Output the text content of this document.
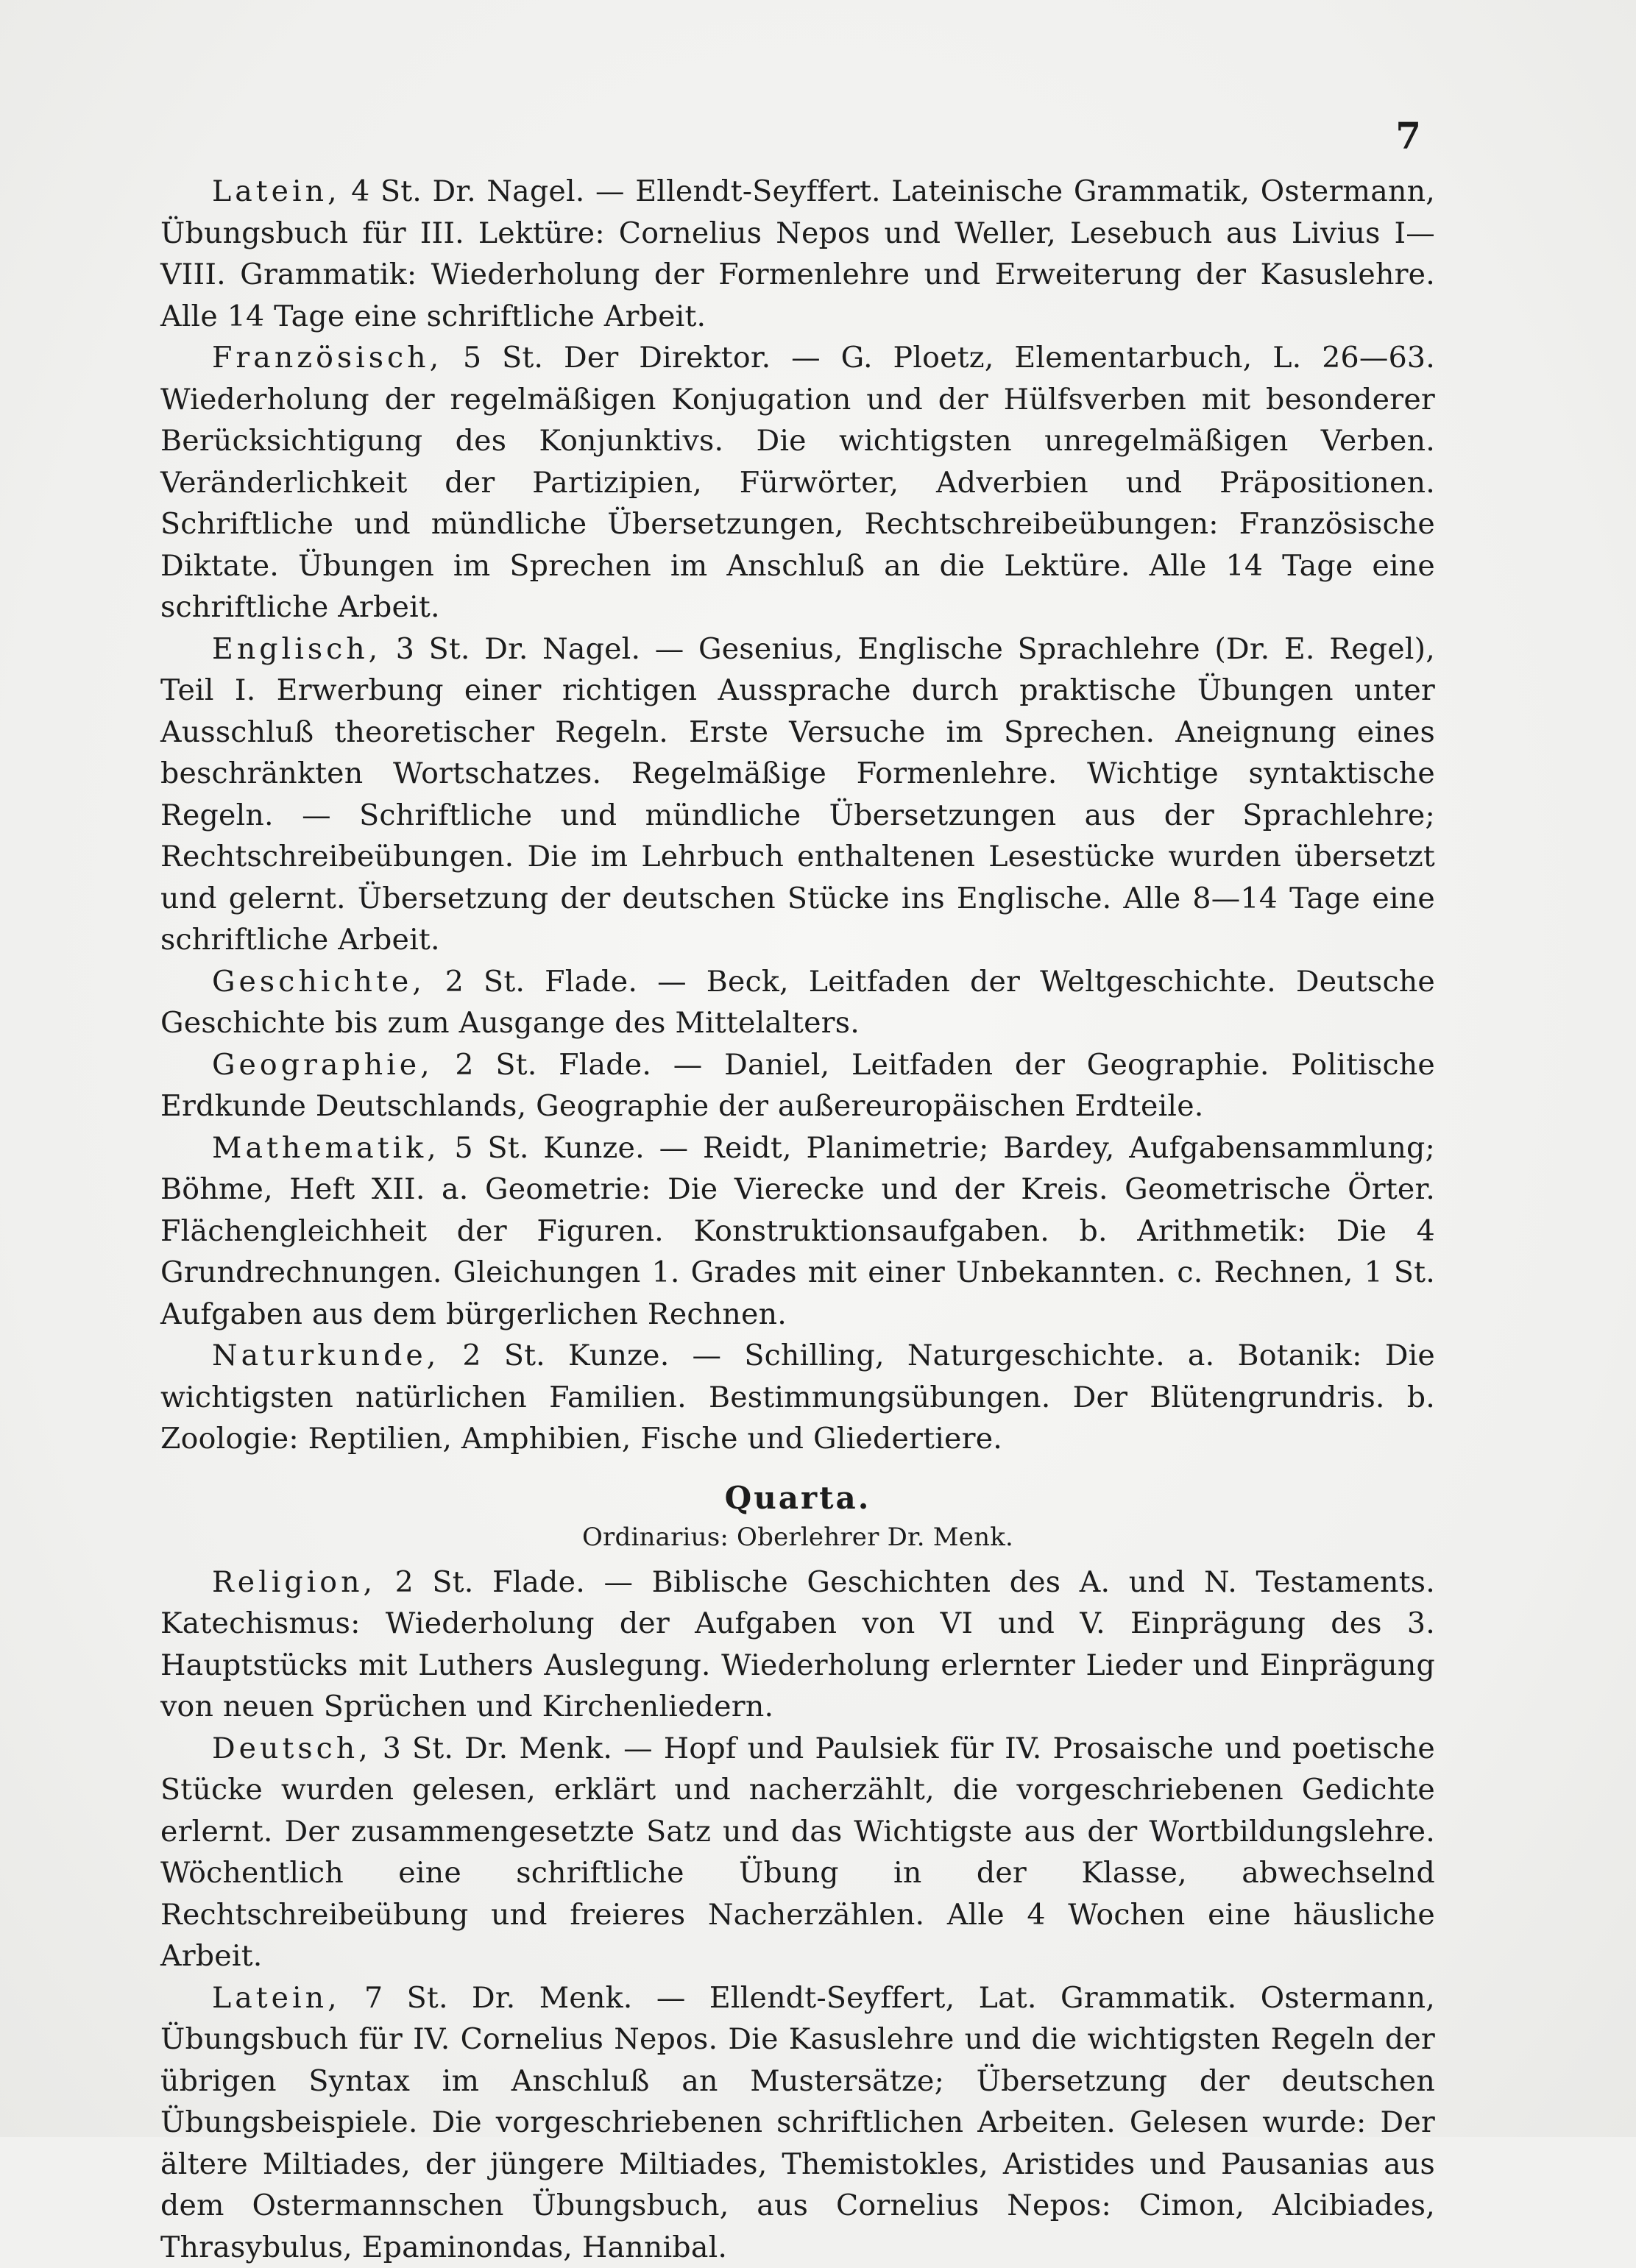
7

Latein, 4 St. Dr. Nagel. — Ellendt-Seyffert. Lateinische Grammatik, Ostermann, Übungsbuch für III. Lektüre: Cornelius Nepos und Weller, Lesebuch aus Livius I—VIII. Grammatik: Wiederholung der Formenlehre und Erweiterung der Kasuslehre. Alle 14 Tage eine schriftliche Arbeit.

Französisch, 5 St. Der Direktor. — G. Ploetz, Elementarbuch, L. 26—63. Wiederholung der regelmäßigen Konjugation und der Hülfsverben mit besonderer Berücksichtigung des Konjunktivs. Die wichtigsten unregelmäßigen Verben. Veränderlichkeit der Partizipien, Fürwörter, Adverbien und Präpositionen. Schriftliche und mündliche Übersetzungen, Rechtschreibeübungen: Französische Diktate. Übungen im Sprechen im Anschluß an die Lektüre. Alle 14 Tage eine schriftliche Arbeit.

Englisch, 3 St. Dr. Nagel. — Gesenius, Englische Sprachlehre (Dr. E. Regel), Teil I. Erwerbung einer richtigen Aussprache durch praktische Übungen unter Ausschluß theoretischer Regeln. Erste Versuche im Sprechen. Aneignung eines beschränkten Wortschatzes. Regelmäßige Formenlehre. Wichtige syntaktische Regeln. — Schriftliche und mündliche Übersetzungen aus der Sprachlehre; Rechtschreibeübungen. Die im Lehrbuch enthaltenen Lesestücke wurden übersetzt und gelernt. Übersetzung der deutschen Stücke ins Englische. Alle 8—14 Tage eine schriftliche Arbeit.

Geschichte, 2 St. Flade. — Beck, Leitfaden der Weltgeschichte. Deutsche Geschichte bis zum Ausgange des Mittelalters.

Geographie, 2 St. Flade. — Daniel, Leitfaden der Geographie. Politische Erdkunde Deutschlands, Geographie der außereuropäischen Erdteile.

Mathematik, 5 St. Kunze. — Reidt, Planimetrie; Bardey, Aufgabensammlung; Böhme, Heft XII. a. Geometrie: Die Vierecke und der Kreis. Geometrische Örter. Flächengleichheit der Figuren. Konstruktionsaufgaben. b. Arithmetik: Die 4 Grundrechnungen. Gleichungen 1. Grades mit einer Unbekannten. c. Rechnen, 1 St. Aufgaben aus dem bürgerlichen Rechnen.

Naturkunde, 2 St. Kunze. — Schilling, Naturgeschichte. a. Botanik: Die wichtigsten natürlichen Familien. Bestimmungsübungen. Der Blütengrundris. b. Zoologie: Reptilien, Amphibien, Fische und Gliedertiere.

Quarta.
Ordinarius: Oberlehrer Dr. Menk.

Religion, 2 St. Flade. — Biblische Geschichten des A. und N. Testaments. Katechismus: Wiederholung der Aufgaben von VI und V. Einprägung des 3. Hauptstücks mit Luthers Auslegung. Wiederholung erlernter Lieder und Einprägung von neuen Sprüchen und Kirchenliedern.

Deutsch, 3 St. Dr. Menk. — Hopf und Paulsiek für IV. Prosaische und poetische Stücke wurden gelesen, erklärt und nacherzählt, die vorgeschriebenen Gedichte erlernt. Der zusammengesetzte Satz und das Wichtigste aus der Wortbildungslehre. Wöchentlich eine schriftliche Übung in der Klasse, abwechselnd Rechtschreibeübung und freieres Nacherzählen. Alle 4 Wochen eine häusliche Arbeit.

Latein, 7 St. Dr. Menk. — Ellendt-Seyffert, Lat. Grammatik. Ostermann, Übungsbuch für IV. Cornelius Nepos. Die Kasuslehre und die wichtigsten Regeln der übrigen Syntax im Anschluß an Mustersätze; Übersetzung der deutschen Übungsbeispiele. Die vorgeschriebenen schriftlichen Arbeiten. Gelesen wurde: Der ältere Miltiades, der jüngere Miltiades, Themistokles, Aristides und Pausanias aus dem Ostermannschen Übungsbuch, aus Cornelius Nepos: Cimon, Alcibiades, Thrasybulus, Epaminondas, Hannibal.
